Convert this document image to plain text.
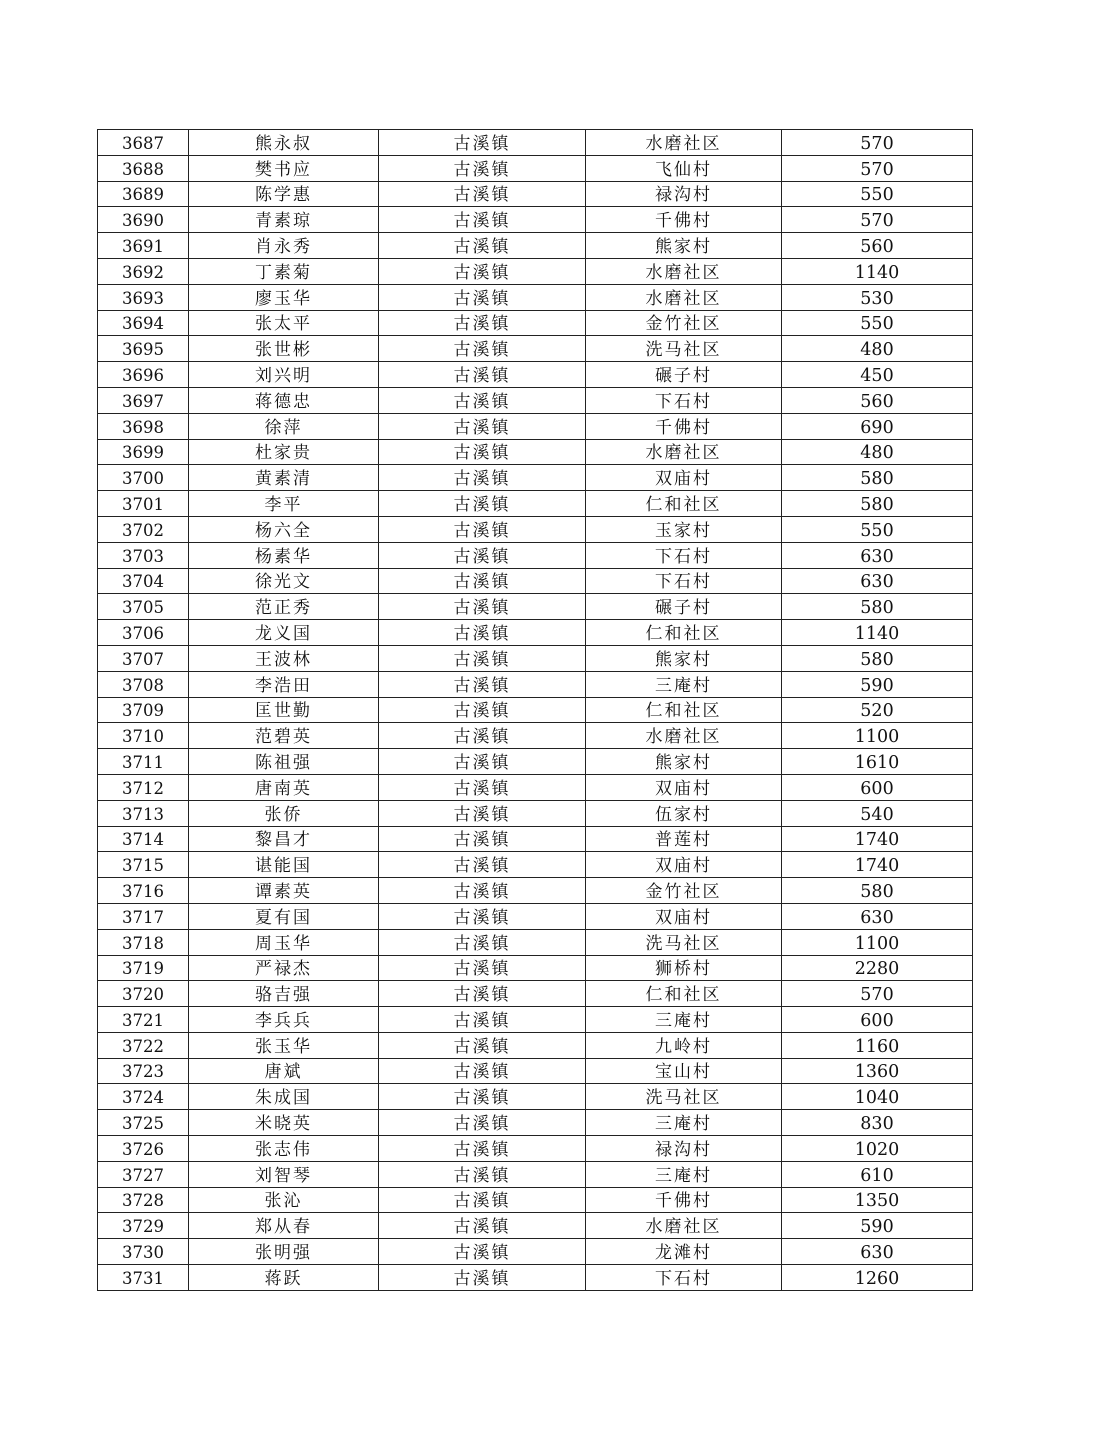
3687	熊永叔	古溪镇	水磨社区	570
3688	樊书应	古溪镇	飞仙村	570
3689	陈学惠	古溪镇	禄沟村	550
3690	青素琼	古溪镇	千佛村	570
3691	肖永秀	古溪镇	熊家村	560
3692	丁素菊	古溪镇	水磨社区	1140
3693	廖玉华	古溪镇	水磨社区	530
3694	张太平	古溪镇	金竹社区	550
3695	张世彬	古溪镇	洗马社区	480
3696	刘兴明	古溪镇	碾子村	450
3697	蒋德忠	古溪镇	下石村	560
3698	徐萍	古溪镇	千佛村	690
3699	杜家贵	古溪镇	水磨社区	480
3700	黄素清	古溪镇	双庙村	580
3701	李平	古溪镇	仁和社区	580
3702	杨六全	古溪镇	玉家村	550
3703	杨素华	古溪镇	下石村	630
3704	徐光文	古溪镇	下石村	630
3705	范正秀	古溪镇	碾子村	580
3706	龙义国	古溪镇	仁和社区	1140
3707	王波林	古溪镇	熊家村	580
3708	李浩田	古溪镇	三庵村	590
3709	匡世勤	古溪镇	仁和社区	520
3710	范碧英	古溪镇	水磨社区	1100
3711	陈祖强	古溪镇	熊家村	1610
3712	唐南英	古溪镇	双庙村	600
3713	张侨	古溪镇	伍家村	540
3714	黎昌才	古溪镇	普莲村	1740
3715	谌能国	古溪镇	双庙村	1740
3716	谭素英	古溪镇	金竹社区	580
3717	夏有国	古溪镇	双庙村	630
3718	周玉华	古溪镇	洗马社区	1100
3719	严禄杰	古溪镇	狮桥村	2280
3720	骆吉强	古溪镇	仁和社区	570
3721	李兵兵	古溪镇	三庵村	600
3722	张玉华	古溪镇	九岭村	1160
3723	唐斌	古溪镇	宝山村	1360
3724	朱成国	古溪镇	洗马社区	1040
3725	米晓英	古溪镇	三庵村	830
3726	张志伟	古溪镇	禄沟村	1020
3727	刘智琴	古溪镇	三庵村	610
3728	张沁	古溪镇	千佛村	1350
3729	郑从春	古溪镇	水磨社区	590
3730	张明强	古溪镇	龙滩村	630
3731	蒋跃	古溪镇	下石村	1260
